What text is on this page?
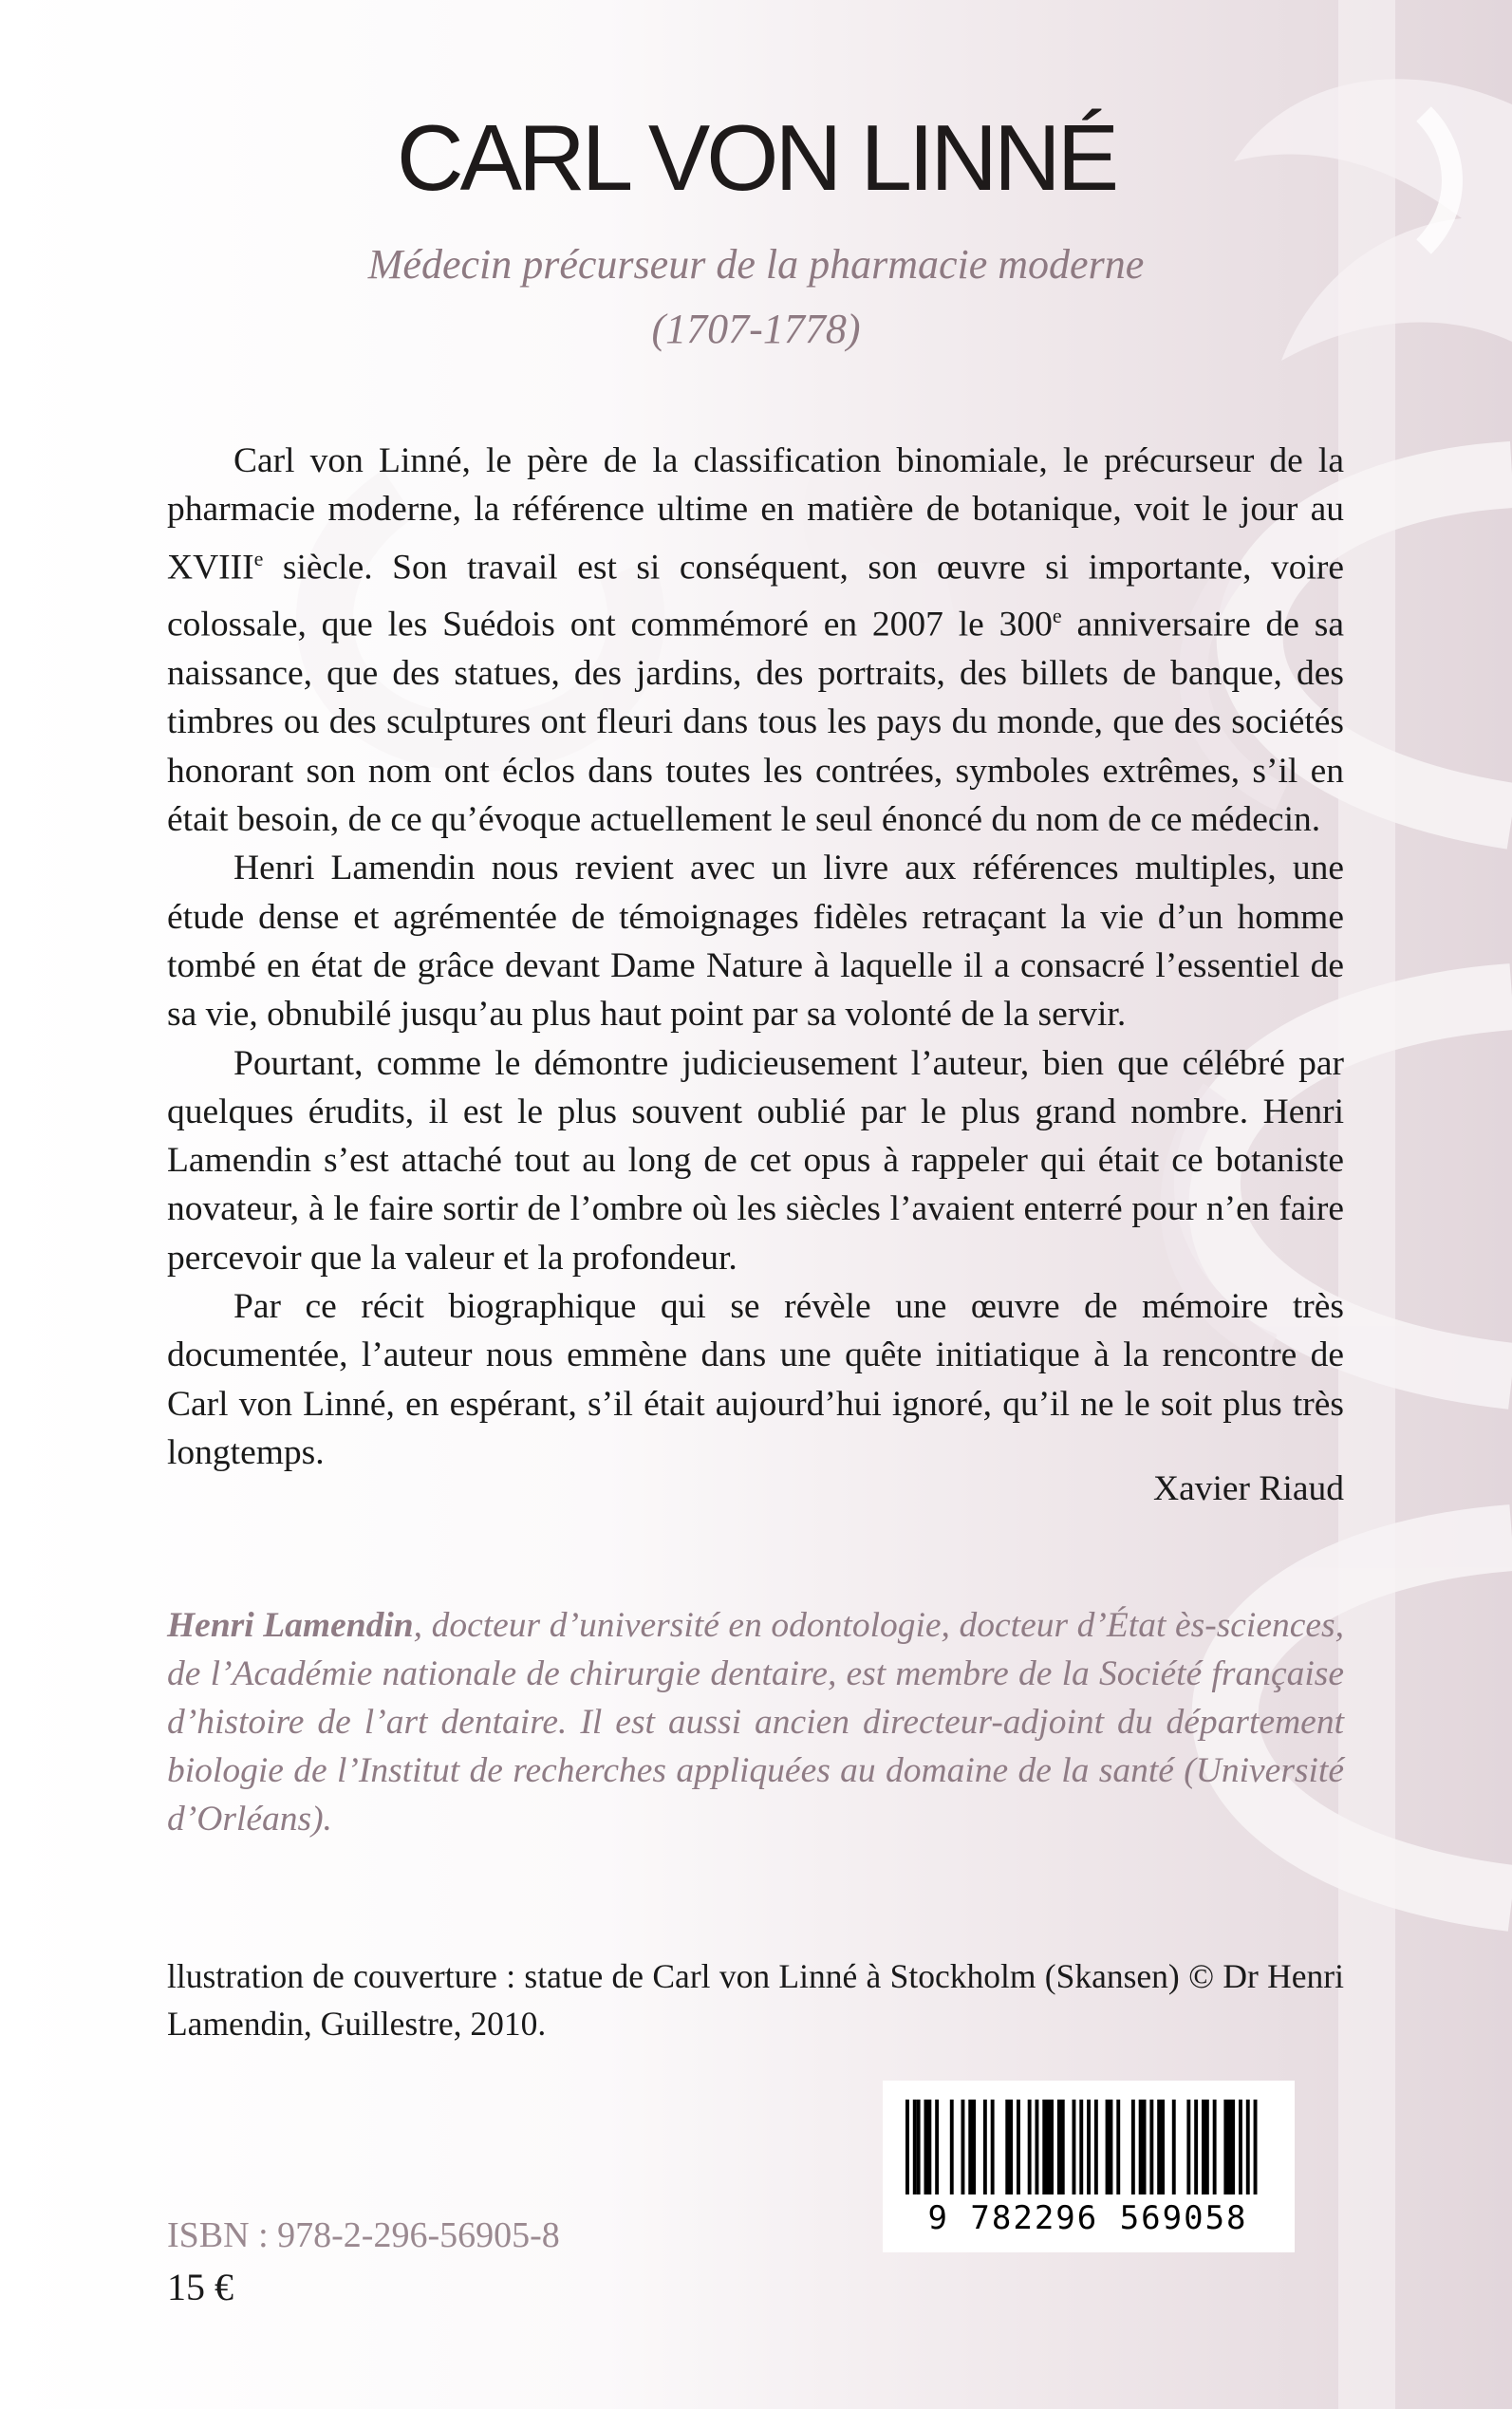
CARL VON LINNÉ
Médecin précurseur de la pharmacie moderne
(1707-1778)

Carl von Linné, le père de la classification binomiale, le précurseur de la pharmacie moderne, la référence ultime en matière de botanique, voit le jour au XVIIIe siècle. Son travail est si conséquent, son œuvre si importante, voire colossale, que les Suédois ont commémoré en 2007 le 300e anniversaire de sa naissance, que des statues, des jardins, des portraits, des billets de banque, des timbres ou des sculptures ont fleuri dans tous les pays du monde, que des sociétés honorant son nom ont éclos dans toutes les contrées, symboles extrêmes, s’il en était besoin, de ce qu’évoque actuellement le seul énoncé du nom de ce médecin.

Henri Lamendin nous revient avec un livre aux références multiples, une étude dense et agrémentée de témoignages fidèles retraçant la vie d’un homme tombé en état de grâce devant Dame Nature à laquelle il a consacré l’essentiel de sa vie, obnubilé jusqu’au plus haut point par sa volonté de la servir.

Pourtant, comme le démontre judicieusement l’auteur, bien que célébré par quelques érudits, il est le plus souvent oublié par le plus grand nombre. Henri Lamendin s’est attaché tout au long de cet opus à rappeler qui était ce botaniste novateur, à le faire sortir de l’ombre où les siècles l’avaient enterré pour n’en faire percevoir que la valeur et la profondeur.

Par ce récit biographique qui se révèle une œuvre de mémoire très documentée, l’auteur nous emmène dans une quête initiatique à la rencontre de Carl von Linné, en espérant, s’il était aujourd’hui ignoré, qu’il ne le soit plus très longtemps.

Xavier Riaud
Henri Lamendin, docteur d’université en odontologie, docteur d’État ès-sciences, de l’Académie nationale de chirurgie dentaire, est membre de la Société française d’histoire de l’art dentaire. Il est aussi ancien directeur-adjoint du département biologie de l’Institut de recherches appliquées au domaine de la santé (Université d’Orléans).
llustration de couverture : statue de Carl von Linné à Stockholm (Skansen) © Dr Henri Lamendin, Guillestre, 2010.
9 782296 569058
ISBN : 978-2-296-56905-8
15 €
